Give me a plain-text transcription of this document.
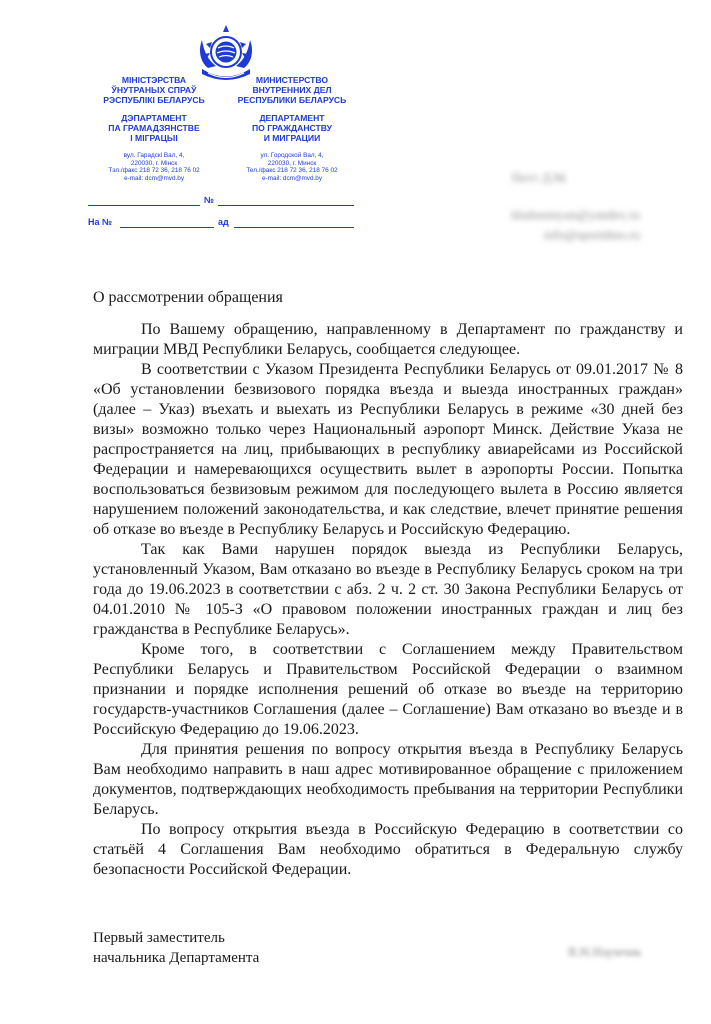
МІНІСТЭРСТВА
ЎНУТРАНЫХ СПРАЎ
РЭСПУБЛІКІ БЕЛАРУСЬ
ДЭПАРТАМЕНТ
ПА ГРАМАДЗЯНСТВЕ
І МІГРАЦЫІ
вул. Гарадскі Вал, 4,
220030, г. Мінск
Тэл./факс 218 72 36, 218 76 02
e-mail: dcm@mvd.by
МИНИСТЕРСТВО
ВНУТРЕННИХ ДЕЛ
РЕСПУБЛИКИ БЕЛАРУСЬ
ДЕПАРТАМЕНТ
ПО ГРАЖДАНСТВУ
И МИГРАЦИИ
ул. Городской Вал, 4,
220030, г. Минск
Тел./факс 218 72 36, 218 76 02
e-mail: dcm@mvd.by
№
На №	ад
Петт Д.М.
khabasinyan@yandex.ru
info@sportdmo.ru
О рассмотрении обращения

По Вашему обращению, направленному в Департамент по гражданству и миграции МВД Республики Беларусь, сообщается следующее.

В соответствии с Указом Президента Республики Беларусь от 09.01.2017 № 8 «Об установлении безвизового порядка въезда и выезда иностранных граждан» (далее – Указ) въехать и выехать из Республики Беларусь в режиме «30 дней без визы» возможно только через Национальный аэропорт Минск. Действие Указа не распространяется на лиц, прибывающих в республику авиарейсами из Российской Федерации и намеревающихся осуществить вылет в аэропорты России. Попытка воспользоваться безвизовым режимом для последующего вылета в Россию является нарушением положений законодательства, и как следствие, влечет принятие решения об отказе во въезде в Республику Беларусь и Российскую Федерацию.

Так как Вами нарушен порядок выезда из Республики Беларусь, установленный Указом, Вам отказано во въезде в Республику Беларусь сроком на три года до 19.06.2023 в соответствии с абз. 2 ч. 2 ст. 30 Закона Республики Беларусь от 04.01.2010 № 105-З «О правовом положении иностранных граждан и лиц без гражданства в Республике Беларусь».

Кроме того, в соответствии с Соглашением между Правительством Республики Беларусь и Правительством Российской Федерации о взаимном признании и порядке исполнения решений об отказе во въезде на территорию государств-участников Соглашения (далее – Соглашение) Вам отказано во въезде и в Российскую Федерацию до 19.06.2023.

Для принятия решения по вопросу открытия въезда в Республику Беларусь Вам необходимо направить в наш адрес мотивированное обращение с приложением документов, подтверждающих необходимость пребывания на территории Республики Беларусь.

По вопросу открытия въезда в Российскую Федерацию в соответствии со статьёй 4 Соглашения Вам необходимо обратиться в Федеральную службу безопасности Российской Федерации.

Первый заместитель
начальника Департамента	В.Н.Наумчик
